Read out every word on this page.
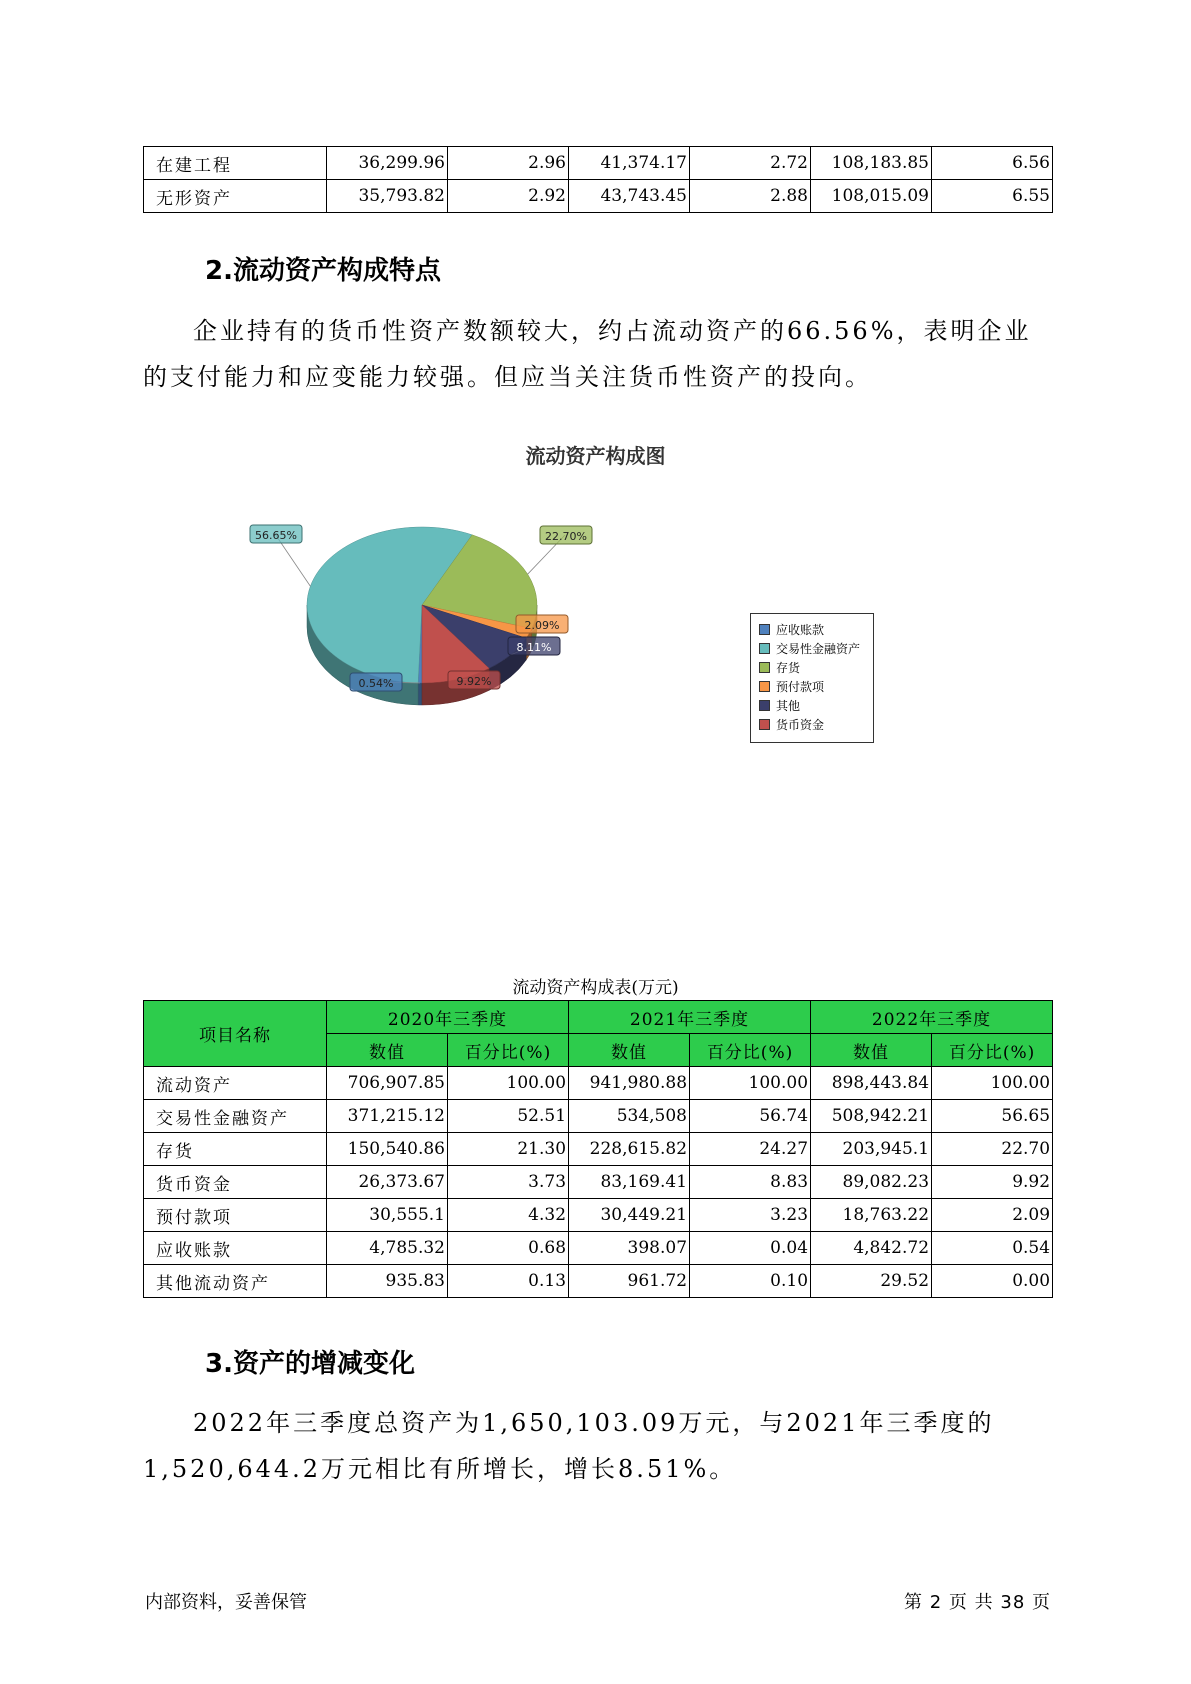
在建工程	36,299.96	2.96	41,374.17	2.72	108,183.85	6.56
无形资产	35,793.82	2.92	43,743.45	2.88	108,015.09	6.55
2.流动资产构成特点

企业持有的货币性资产数额较大，约占流动资产的66.56%，表明企业的支付能力和应变能力较强。但应当关注货币性资产的投向。

流动资产构成图
0.54%
56.65%	22.70%
2.09%
8.11%
9.92%
应收账款
交易性金融资产
存货
预付款项
其他
货币资金
流动资产构成表(万元)
项目名称	2020年三季度		2021年三季度		2022年三季度	
	数值	百分比(%)	数值	百分比(%)	数值	百分比(%)
流动资产	706,907.85	100.00	941,980.88	100.00	898,443.84	100.00
交易性金融资产	371,215.12	52.51	534,508	56.74	508,942.21	56.65
存货	150,540.86	21.30	228,615.82	24.27	203,945.1	22.70
货币资金	26,373.67	3.73	83,169.41	8.83	89,082.23	9.92
预付款项	30,555.1	4.32	30,449.21	3.23	18,763.22	2.09
应收账款	4,785.32	0.68	398.07	0.04	4,842.72	0.54
其他流动资产	935.83	0.13	961.72	0.10	29.52	0.00
3.资产的增减变化

2022年三季度总资产为1,650,103.09万元，与2021年三季度的1,520,644.2万元相比有所增长，增长8.51%。

内部资料，妥善保管	第 2 页 共 38 页
